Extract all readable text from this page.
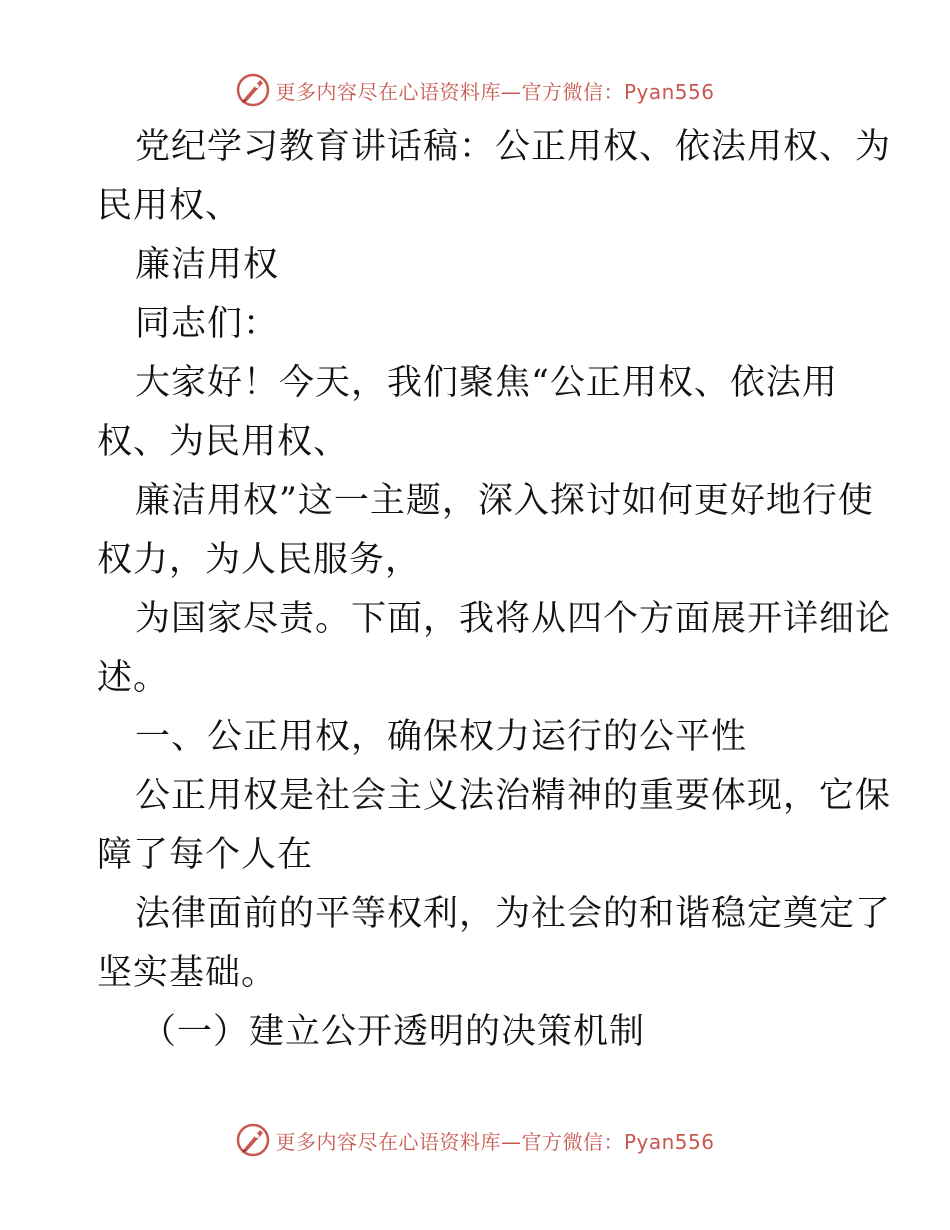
更多内容尽在心语资料库—官方微信：Pyan556
党纪学习教育讲话稿：公正用权、依法用权、为
民用权、
廉洁用权
同志们：
大家好！今天，我们聚焦“公正用权、依法用
权、为民用权、
廉洁用权”这一主题，深入探讨如何更好地行使
权力，为人民服务，
为国家尽责。下面，我将从四个方面展开详细论
述。
一、公正用权，确保权力运行的公平性
公正用权是社会主义法治精神的重要体现，它保
障了每个人在
法律面前的平等权利，为社会的和谐稳定奠定了
坚实基础。
（一）建立公开透明的决策机制
更多内容尽在心语资料库—官方微信：Pyan556
